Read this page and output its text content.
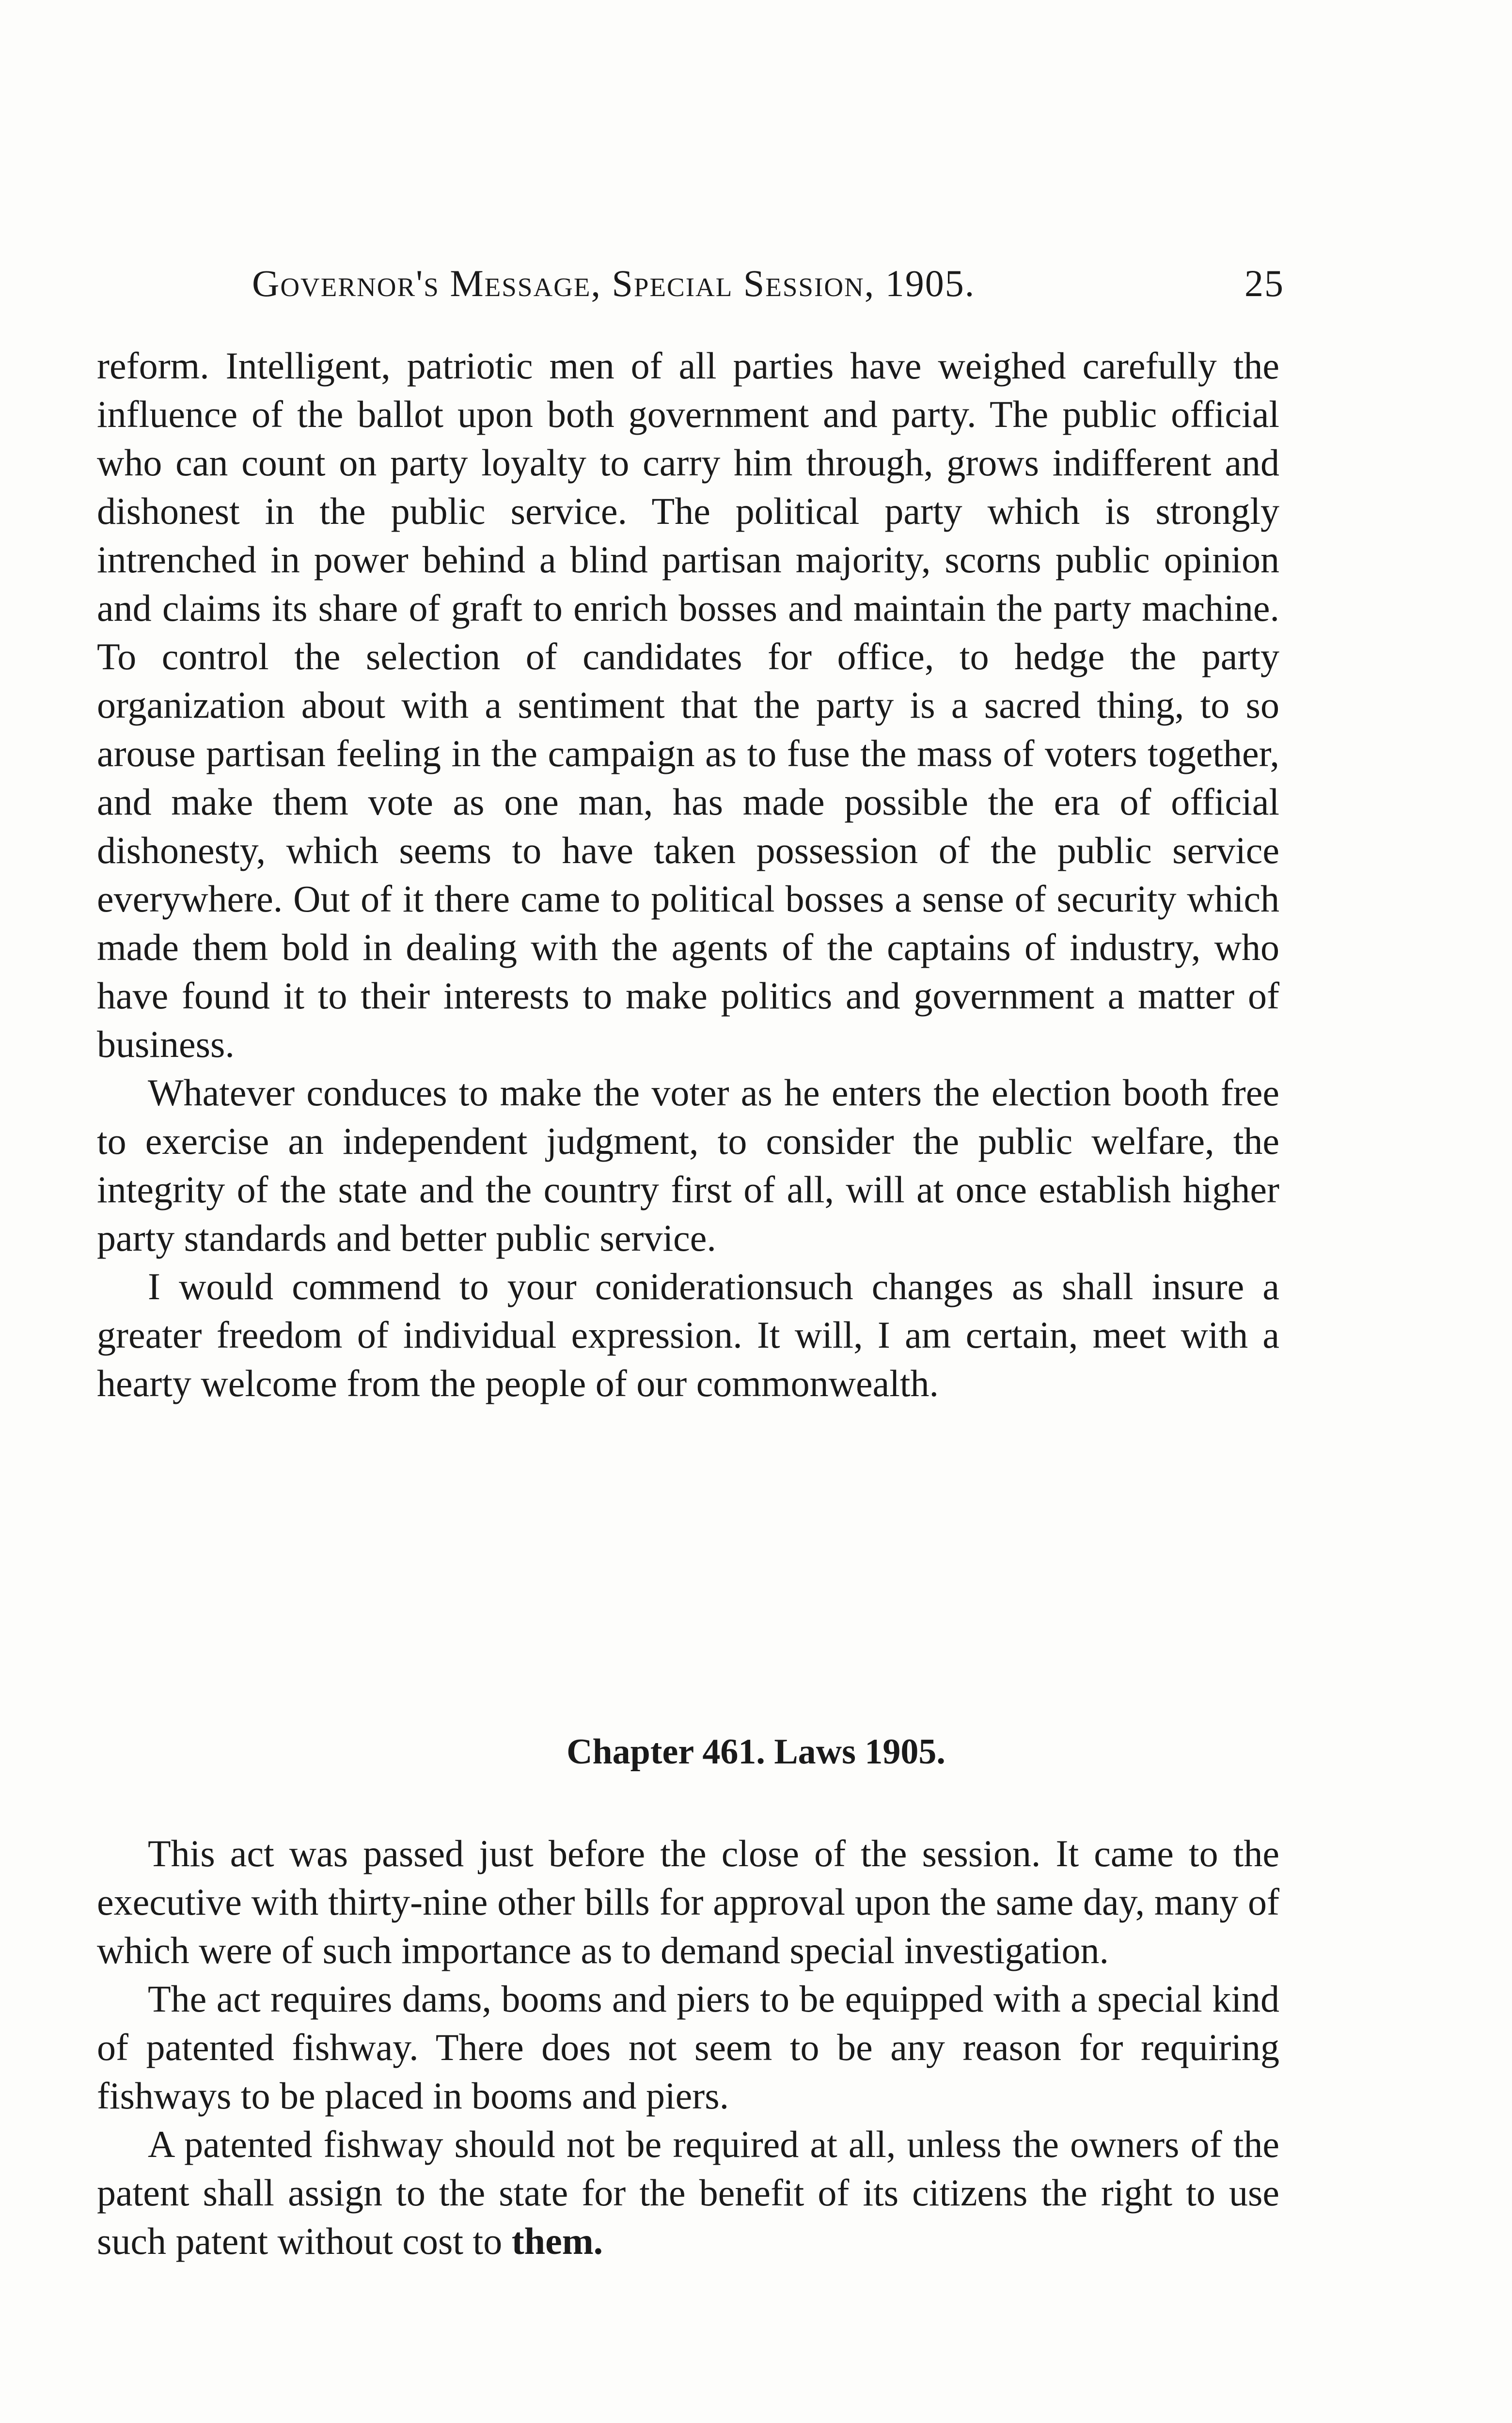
Governor's Message, Special Session, 1905.	25

reform. Intelligent, patriotic men of all parties have weighed carefully the influence of the ballot upon both government and party. The public official who can count on party loyalty to carry him through, grows indifferent and dishonest in the public service. The political party which is strongly intrenched in power behind a blind partisan majority, scorns public opinion and claims its share of graft to enrich bosses and maintain the party machine. To control the selection of candidates for office, to hedge the party organization about with a sentiment that the party is a sacred thing, to so arouse partisan feeling in the campaign as to fuse the mass of voters together, and make them vote as one man, has made possible the era of official dishonesty, which seems to have taken possession of the public service everywhere. Out of it there came to political bosses a sense of security which made them bold in dealing with the agents of the captains of industry, who have found it to their interests to make politics and government a matter of business.

Whatever conduces to make the voter as he enters the election booth free to exercise an independent judgment, to consider the public welfare, the integrity of the state and the country first of all, will at once establish higher party standards and better public service.

I would commend to your coniderationsuch changes as shall insure a greater freedom of individual expression. It will, I am certain, meet with a hearty welcome from the people of our commonwealth.

Chapter 461. Laws 1905.

This act was passed just before the close of the session. It came to the executive with thirty-nine other bills for approval upon the same day, many of which were of such importance as to demand special investigation.

The act requires dams, booms and piers to be equipped with a special kind of patented fishway. There does not seem to be any reason for requiring fishways to be placed in booms and piers.

A patented fishway should not be required at all, unless the owners of the patent shall assign to the state for the benefit of its citizens the right to use such patent without cost to them.
